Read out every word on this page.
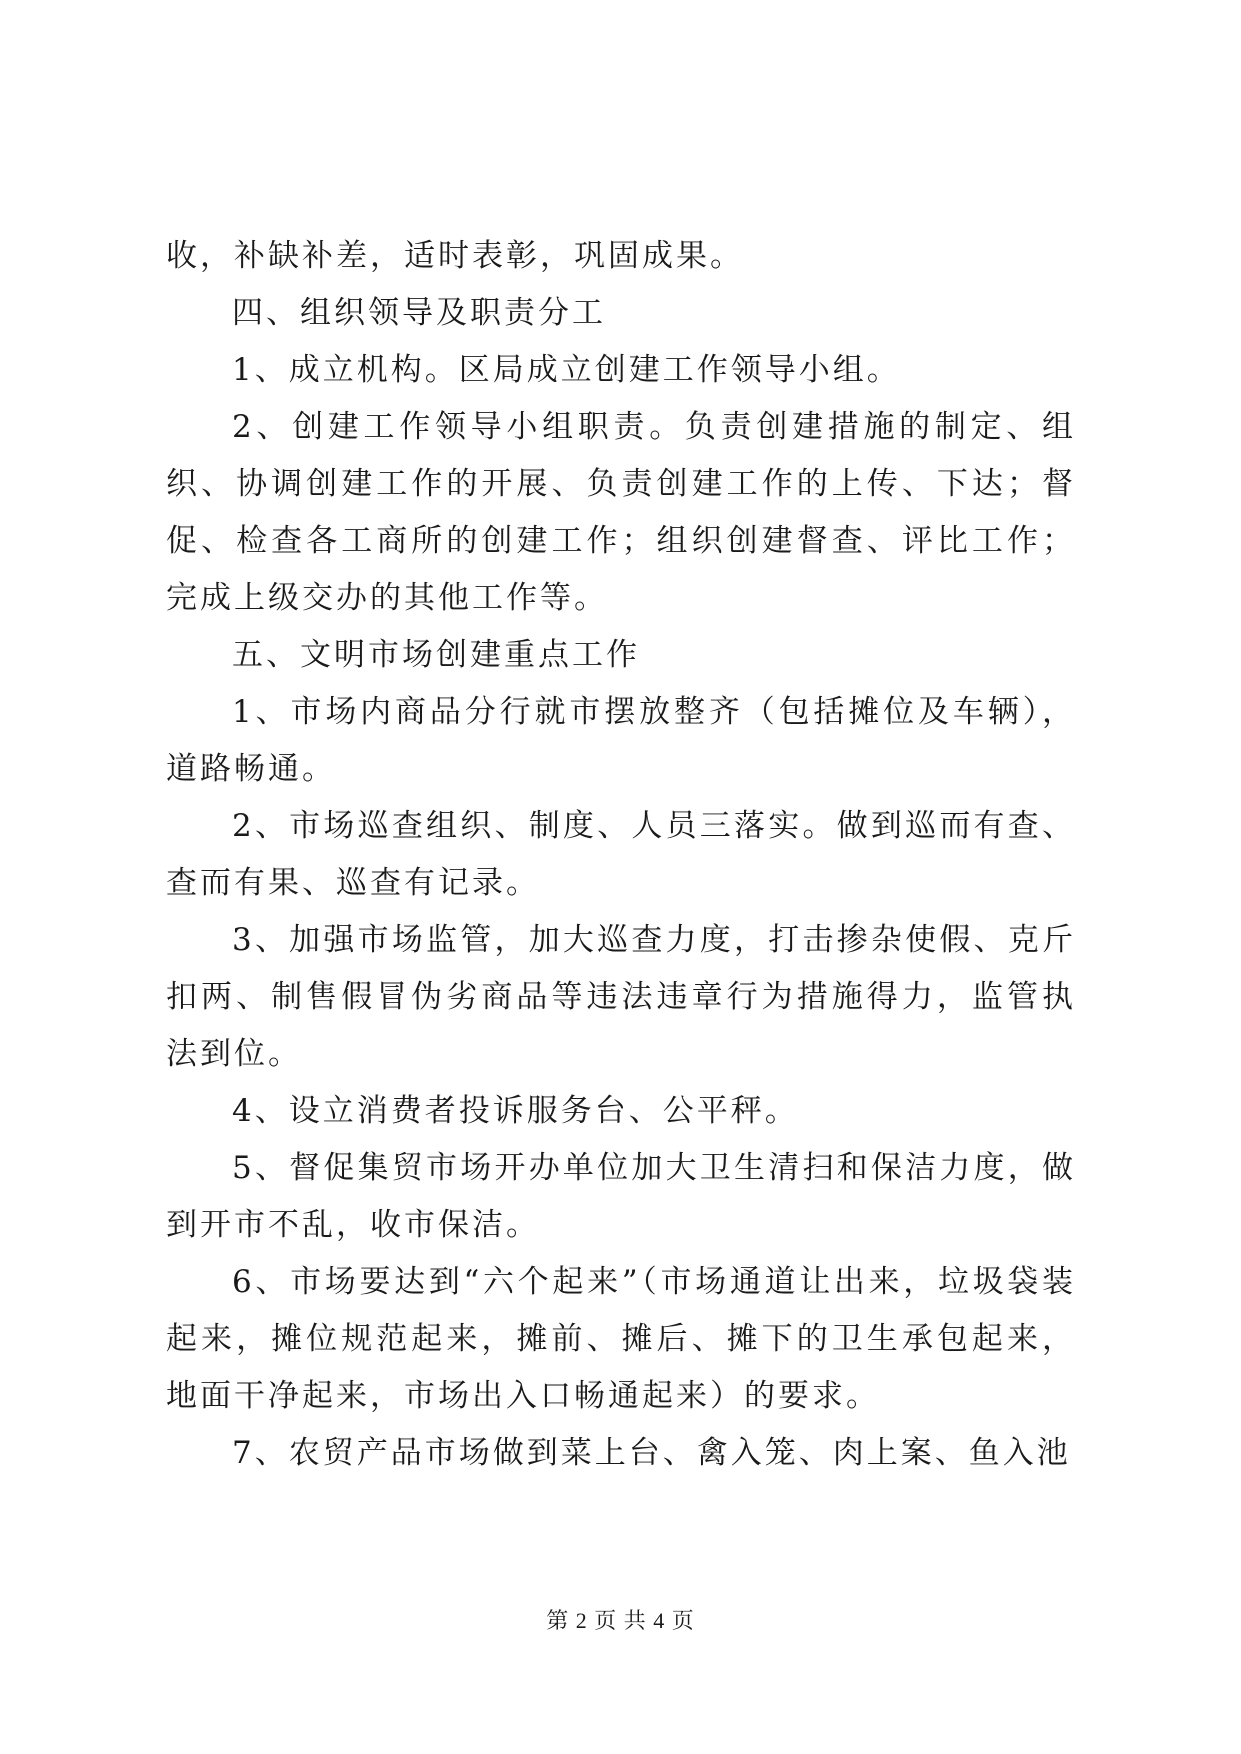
收，补缺补差，适时表彰，巩固成果。

四、组织领导及职责分工

1、成立机构。区局成立创建工作领导小组。

2、创建工作领导小组职责。负责创建措施的制定、组织、协调创建工作的开展、负责创建工作的上传、下达；督促、检查各工商所的创建工作；组织创建督查、评比工作；完成上级交办的其他工作等。

五、文明市场创建重点工作

1、市场内商品分行就市摆放整齐（包括摊位及车辆），道路畅通。

2、市场巡查组织、制度、人员三落实。做到巡而有查、查而有果、巡查有记录。

3、加强市场监管，加大巡查力度，打击掺杂使假、克斤扣两、制售假冒伪劣商品等违法违章行为措施得力，监管执法到位。

4、设立消费者投诉服务台、公平秤。

5、督促集贸市场开办单位加大卫生清扫和保洁力度，做到开市不乱，收市保洁。

6、市场要达到“六个起来”（市场通道让出来，垃圾袋装起来，摊位规范起来，摊前、摊后、摊下的卫生承包起来，地面干净起来，市场出入口畅通起来）的要求。

7、农贸产品市场做到菜上台、禽入笼、肉上案、鱼入池

第 2 页 共 4 页
